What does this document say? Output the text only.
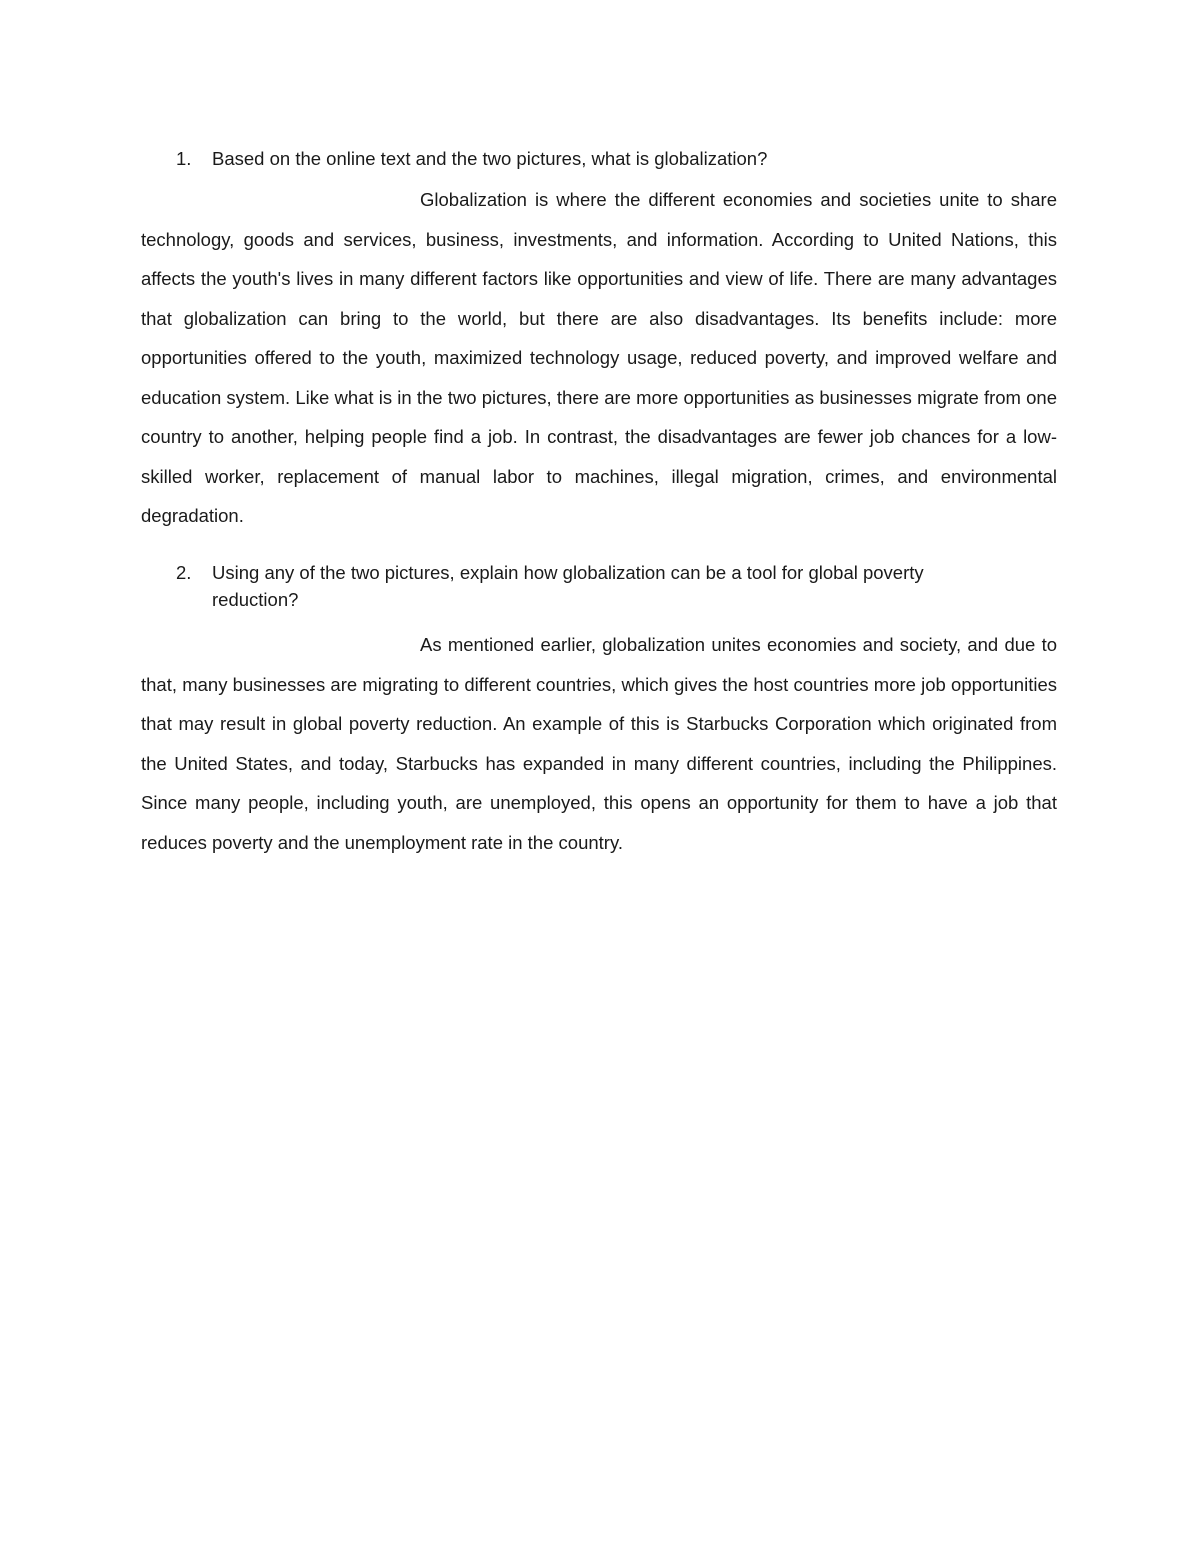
1.	Based on the online text and the two pictures, what is globalization?

Globalization is where the different economies and societies unite to share technology, goods and services, business, investments, and information. According to United Nations, this affects the youth's lives in many different factors like opportunities and view of life. There are many advantages that globalization can bring to the world, but there are also disadvantages. Its benefits include: more opportunities offered to the youth, maximized technology usage, reduced poverty, and improved welfare and education system. Like what is in the two pictures, there are more opportunities as businesses migrate from one country to another, helping people find a job. In contrast, the disadvantages are fewer job chances for a low-skilled worker, replacement of manual labor to machines, illegal migration, crimes, and environmental degradation.

2.	Using any of the two pictures, explain how globalization can be a tool for global poverty reduction?

As mentioned earlier, globalization unites economies and society, and due to that, many businesses are migrating to different countries, which gives the host countries more job opportunities that may result in global poverty reduction. An example of this is Starbucks Corporation which originated from the United States, and today, Starbucks has expanded in many different countries, including the Philippines. Since many people, including youth, are unemployed, this opens an opportunity for them to have a job that reduces poverty and the unemployment rate in the country.
